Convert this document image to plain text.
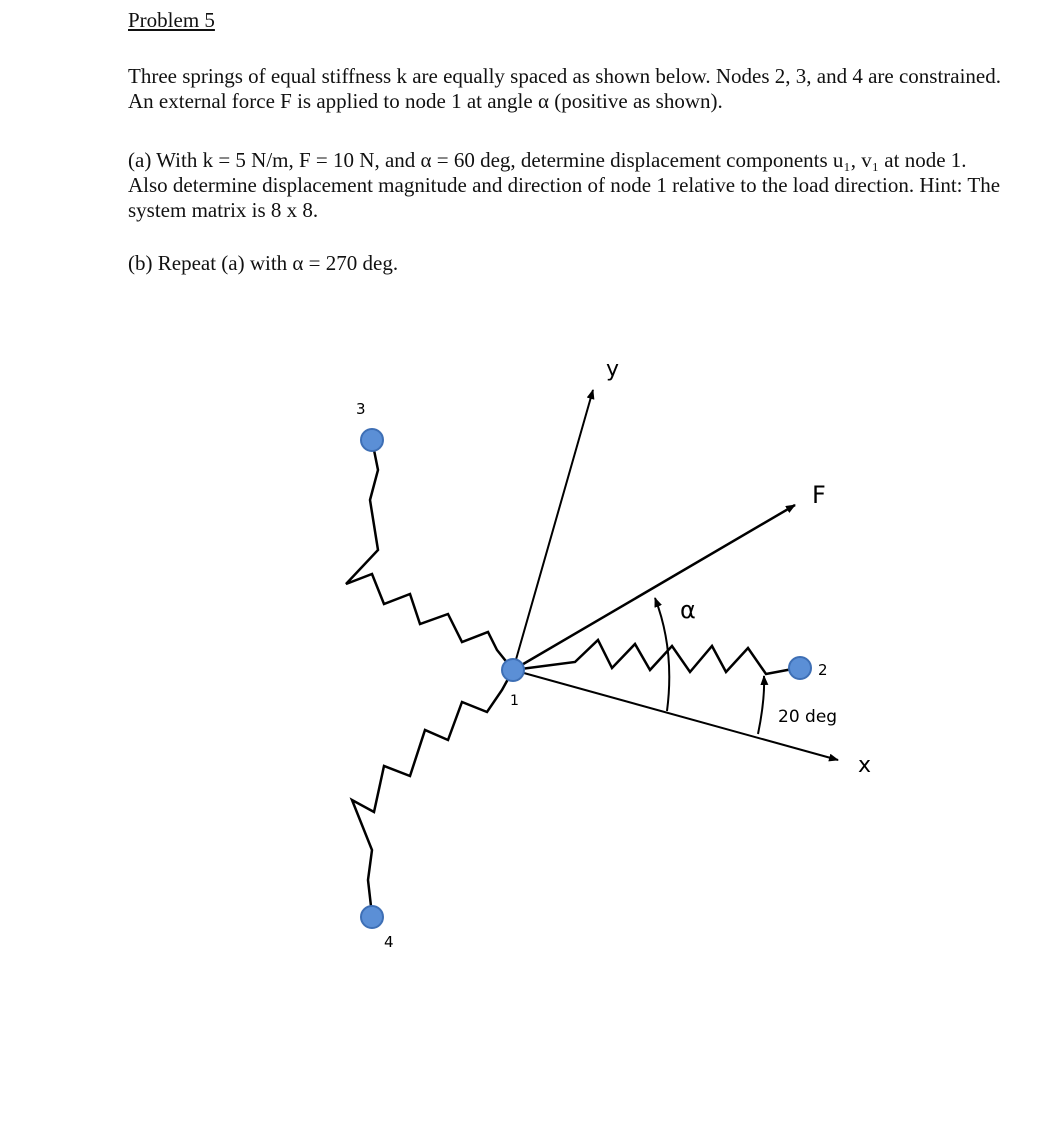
Problem 5

Three springs of equal stiffness k are equally spaced as shown below. Nodes 2, 3, and 4 are constrained. An external force F is applied to node 1 at angle α (positive as shown).

(a) With k = 5 N/m, F = 10 N, and α = 60 deg, determine displacement components u₁, v₁ at node 1. Also determine displacement magnitude and direction of node 1 relative to the load direction. Hint: The system matrix is 8 x 8.

(b) Repeat (a) with α = 270 deg.

y
x
F
α
20 deg
1
2
3
4
